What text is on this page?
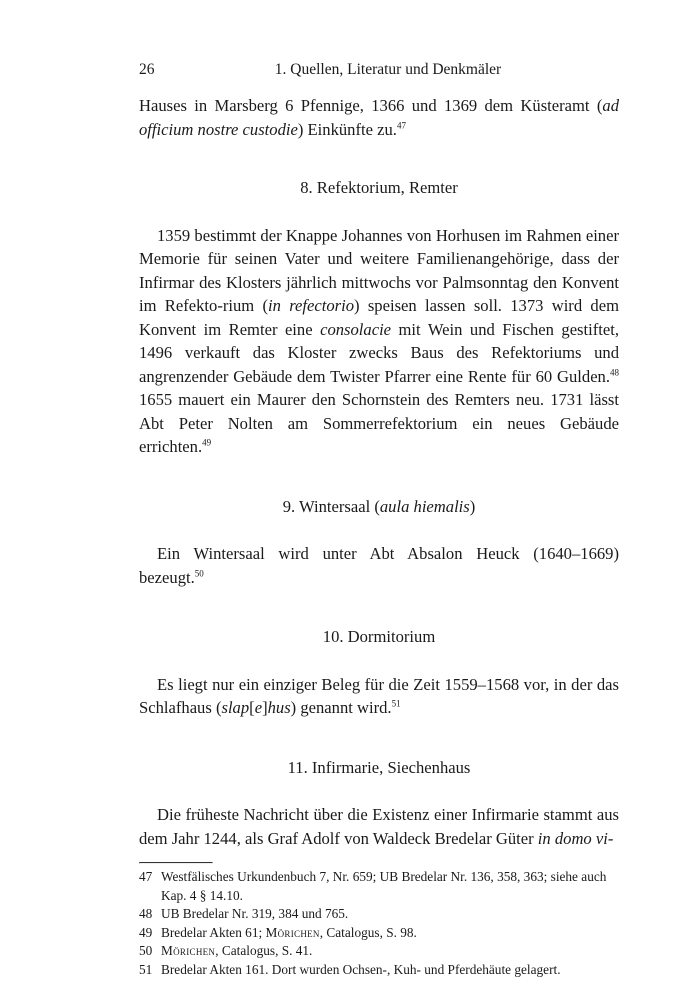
26	1. Quellen, Literatur und Denkmäler

Hauses in Marsberg 6 Pfennige, 1366 und 1369 dem Küsteramt (ad officium nostre custodie) Einkünfte zu.$^{47}$

8. Refektorium, Remter

1359 bestimmt der Knappe Johannes von Horhusen im Rahmen einer Memorie für seinen Vater und weitere Familienangehörige, dass der Infirmar des Klosters jährlich mittwochs vor Palmsonntag den Konvent im Refekto-rium (in refectorio) speisen lassen soll. 1373 wird dem Konvent im Remter eine consolacie mit Wein und Fischen gestiftet, 1496 verkauft das Kloster zwecks Baus des Refektoriums und angrenzender Gebäude dem Twister Pfarrer eine Rente für 60 Gulden.$^{48}$ 1655 mauert ein Maurer den Schornstein des Remters neu. 1731 lässt Abt Peter Nolten am Sommerrefektorium ein neues Gebäude errichten.$^{49}$

9. Wintersaal (aula hiemalis)

Ein Wintersaal wird unter Abt Absalon Heuck (1640–1669) bezeugt.$^{50}$

10. Dormitorium

Es liegt nur ein einziger Beleg für die Zeit 1559–1568 vor, in der das Schlafhaus (slap[e]hus) genannt wird.$^{51}$

11. Infirmarie, Siechenhaus

Die früheste Nachricht über die Existenz einer Infirmarie stammt aus dem Jahr 1244, als Graf Adolf von Waldeck Bredelar Güter in domo vi-

47 Westfälisches Urkundenbuch 7, Nr. 659; UB Bredelar Nr. 136, 358, 363; siehe auch Kap. 4 § 14.10.
48 UB Bredelar Nr. 319, 384 und 765.
49 Bredelar Akten 61; Mörichen, Catalogus, S. 98.
50 Mörichen, Catalogus, S. 41.
51 Bredelar Akten 161. Dort wurden Ochsen-, Kuh- und Pferdehäute gelagert.
